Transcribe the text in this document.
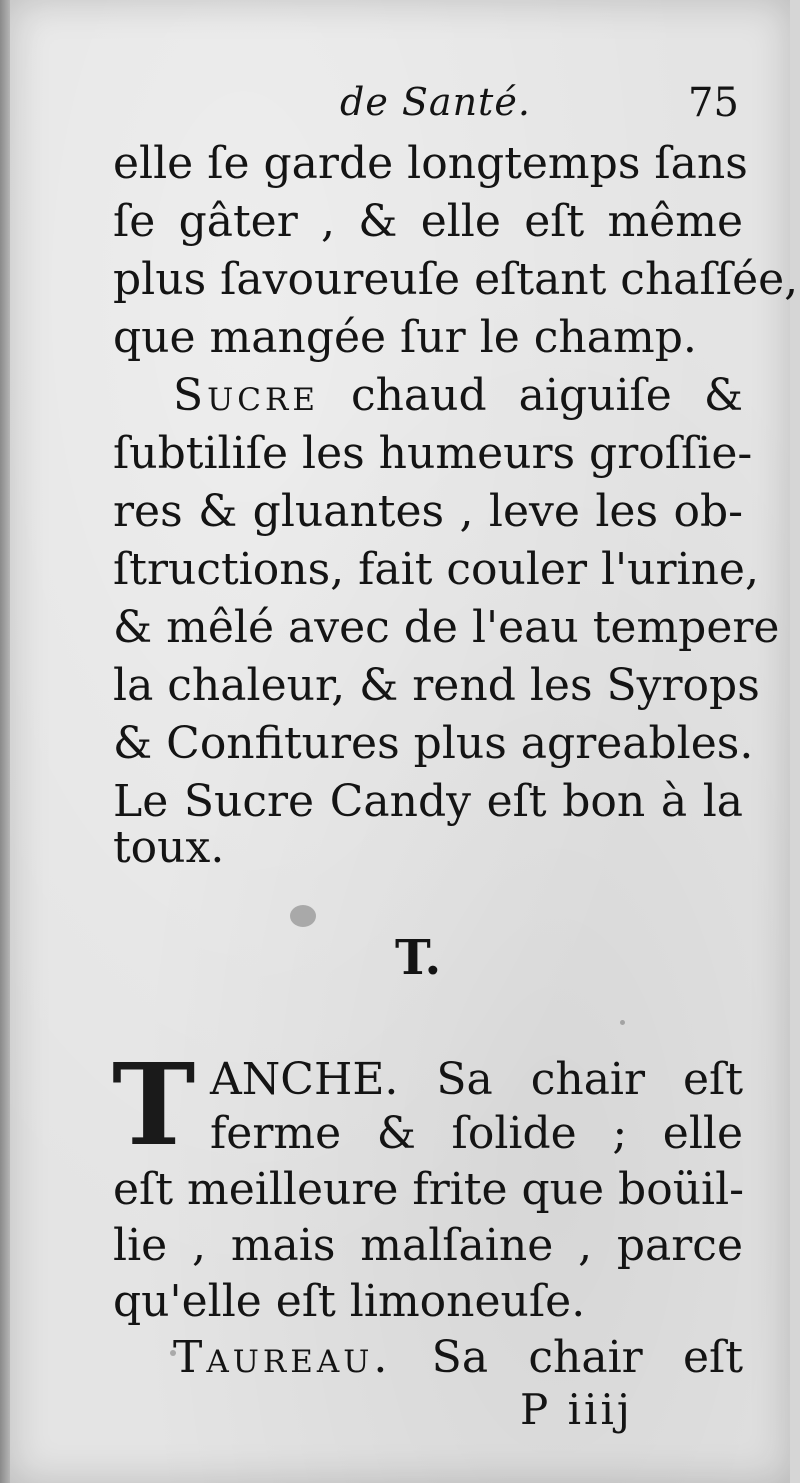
de Santé.	75
elle ſe garde longtemps ſans
ſe gâter , & elle eſt même
plus ſavoureuſe eſtant chaſſée,
que mangée ſur le champ.
Sucre chaud aiguiſe &
ſubtiliſe les humeurs groſſie-
res & gluantes , leve les ob-
ſtructions, fait couler l'urine,
& mêlé avec de l'eau tempere
la chaleur, & rend les Syrops
& Confitures plus agreables.
Le Sucre Candy eſt bon à la
toux.
T.
T ANCHE. Sa chair eſt
ferme & ſolide ; elle
eſt meilleure frite que boüil-
lie , mais malſaine , parce
qu'elle eſt limoneuſe.
Taureau. Sa chair eſt
P iiij
